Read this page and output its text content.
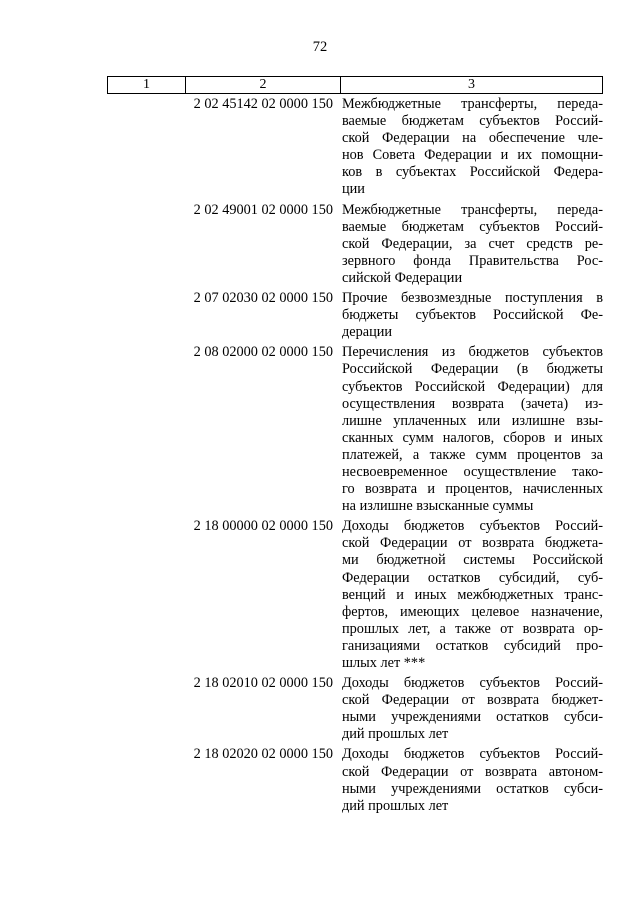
72
1	2	3
2 02 45142 02 0000 150 Межбюджетные трансферты, переда-
ваемые бюджетам субъектов Россий-
ской Федерации на обеспечение чле-
нов Совета Федерации и их помощни-
ков в субъектах Российской Федера-
ции
2 02 49001 02 0000 150 Межбюджетные трансферты, переда-
ваемые бюджетам субъектов Россий-
ской Федерации, за счет средств ре-
зервного фонда Правительства Рос-
сийской Федерации
2 07 02030 02 0000 150 Прочие безвозмездные поступления в
бюджеты субъектов Российской Фе-
дерации
2 08 02000 02 0000 150 Перечисления из бюджетов субъектов
Российской Федерации (в бюджеты
субъектов Российской Федерации) для
осуществления возврата (зачета) из-
лишне уплаченных или излишне взы-
сканных сумм налогов, сборов и иных
платежей, а также сумм процентов за
несвоевременное осуществление тако-
го возврата и процентов, начисленных
на излишне взысканные суммы
2 18 00000 02 0000 150 Доходы бюджетов субъектов Россий-
ской Федерации от возврата бюджета-
ми бюджетной системы Российской
Федерации остатков субсидий, суб-
венций и иных межбюджетных транс-
фертов, имеющих целевое назначение,
прошлых лет, а также от возврата ор-
ганизациями остатков субсидий про-
шлых лет ***
2 18 02010 02 0000 150 Доходы бюджетов субъектов Россий-
ской Федерации от возврата бюджет-
ными учреждениями остатков субси-
дий прошлых лет
2 18 02020 02 0000 150 Доходы бюджетов субъектов Россий-
ской Федерации от возврата автоном-
ными учреждениями остатков субси-
дий прошлых лет
